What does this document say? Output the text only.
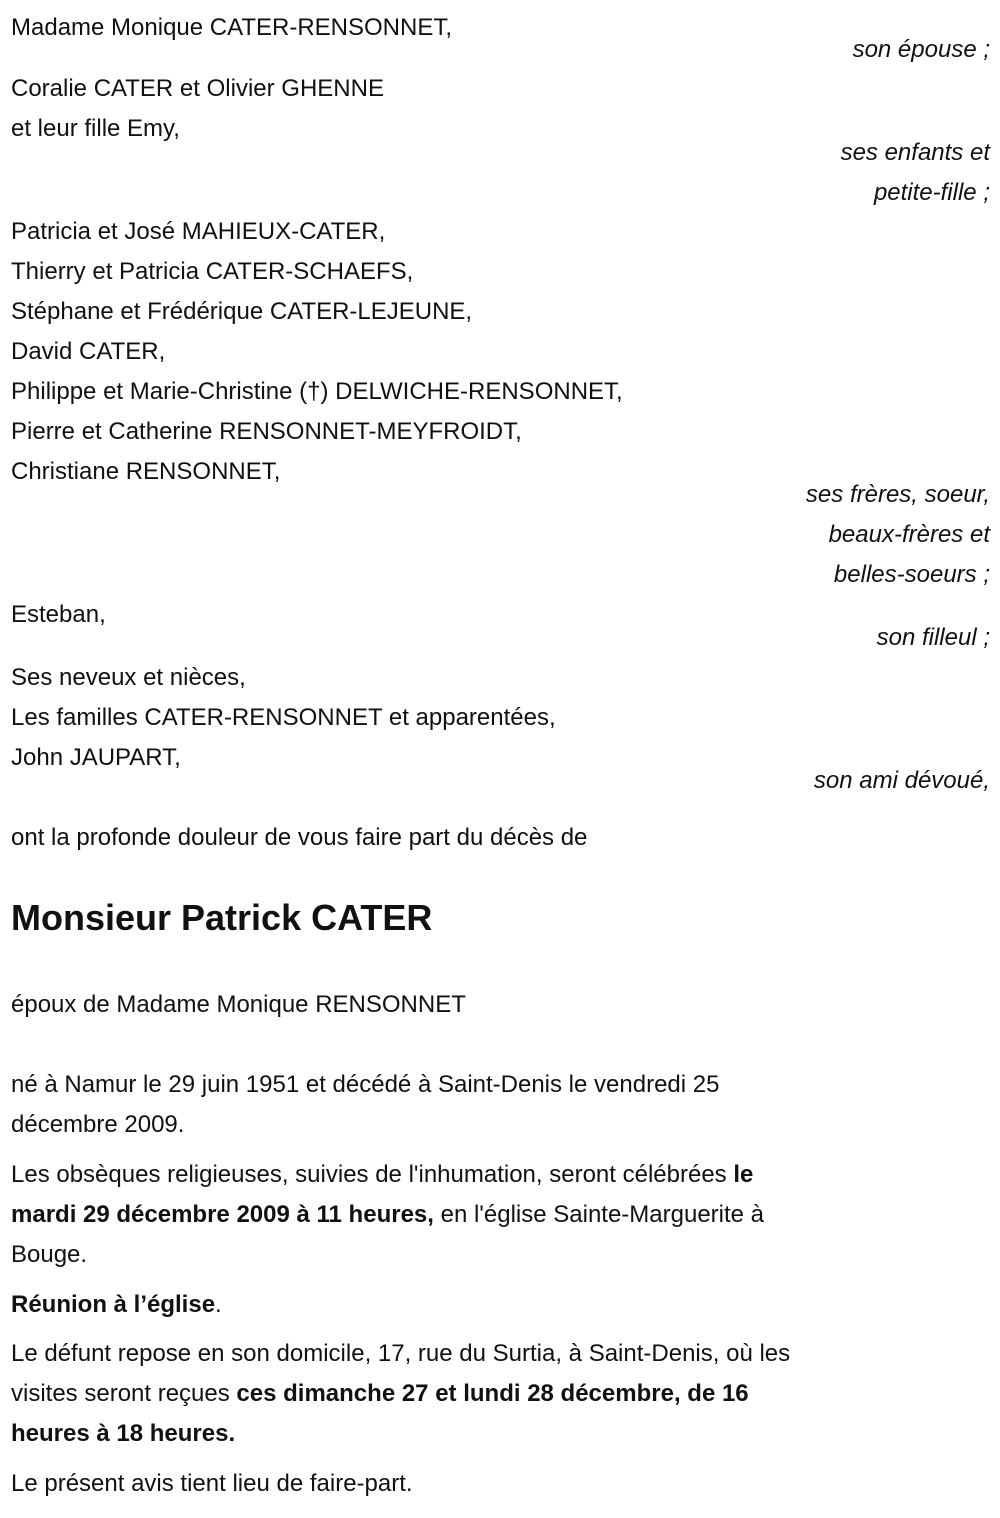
Madame Monique CATER-RENSONNET,
son épouse ;
Coralie CATER et Olivier GHENNE
et leur fille Emy,
ses enfants et
petite-fille ;
Patricia et José MAHIEUX-CATER,
Thierry et Patricia CATER-SCHAEFS,
Stéphane et Frédérique CATER-LEJEUNE,
David CATER,
Philippe et Marie-Christine (†) DELWICHE-RENSONNET,
Pierre et Catherine RENSONNET-MEYFROIDT,
Christiane RENSONNET,
ses frères, soeur,
beaux-frères et
belles-soeurs ;
Esteban,
son filleul ;
Ses neveux et nièces,
Les familles CATER-RENSONNET et apparentées,
John JAUPART,
son ami dévoué,
ont la profonde douleur de vous faire part du décès de
Monsieur Patrick CATER
époux de Madame Monique RENSONNET
né à Namur le 29 juin 1951 et décédé à Saint-Denis le vendredi 25
décembre 2009.
Les obsèques religieuses, suivies de l'inhumation, seront célébrées le
mardi 29 décembre 2009 à 11 heures, en l'église Sainte-Marguerite à
Bouge.
Réunion à l’église.
Le défunt repose en son domicile, 17, rue du Surtia, à Saint-Denis, où les
visites seront reçues ces dimanche 27 et lundi 28 décembre, de 16
heures à 18 heures.
Le présent avis tient lieu de faire-part.
